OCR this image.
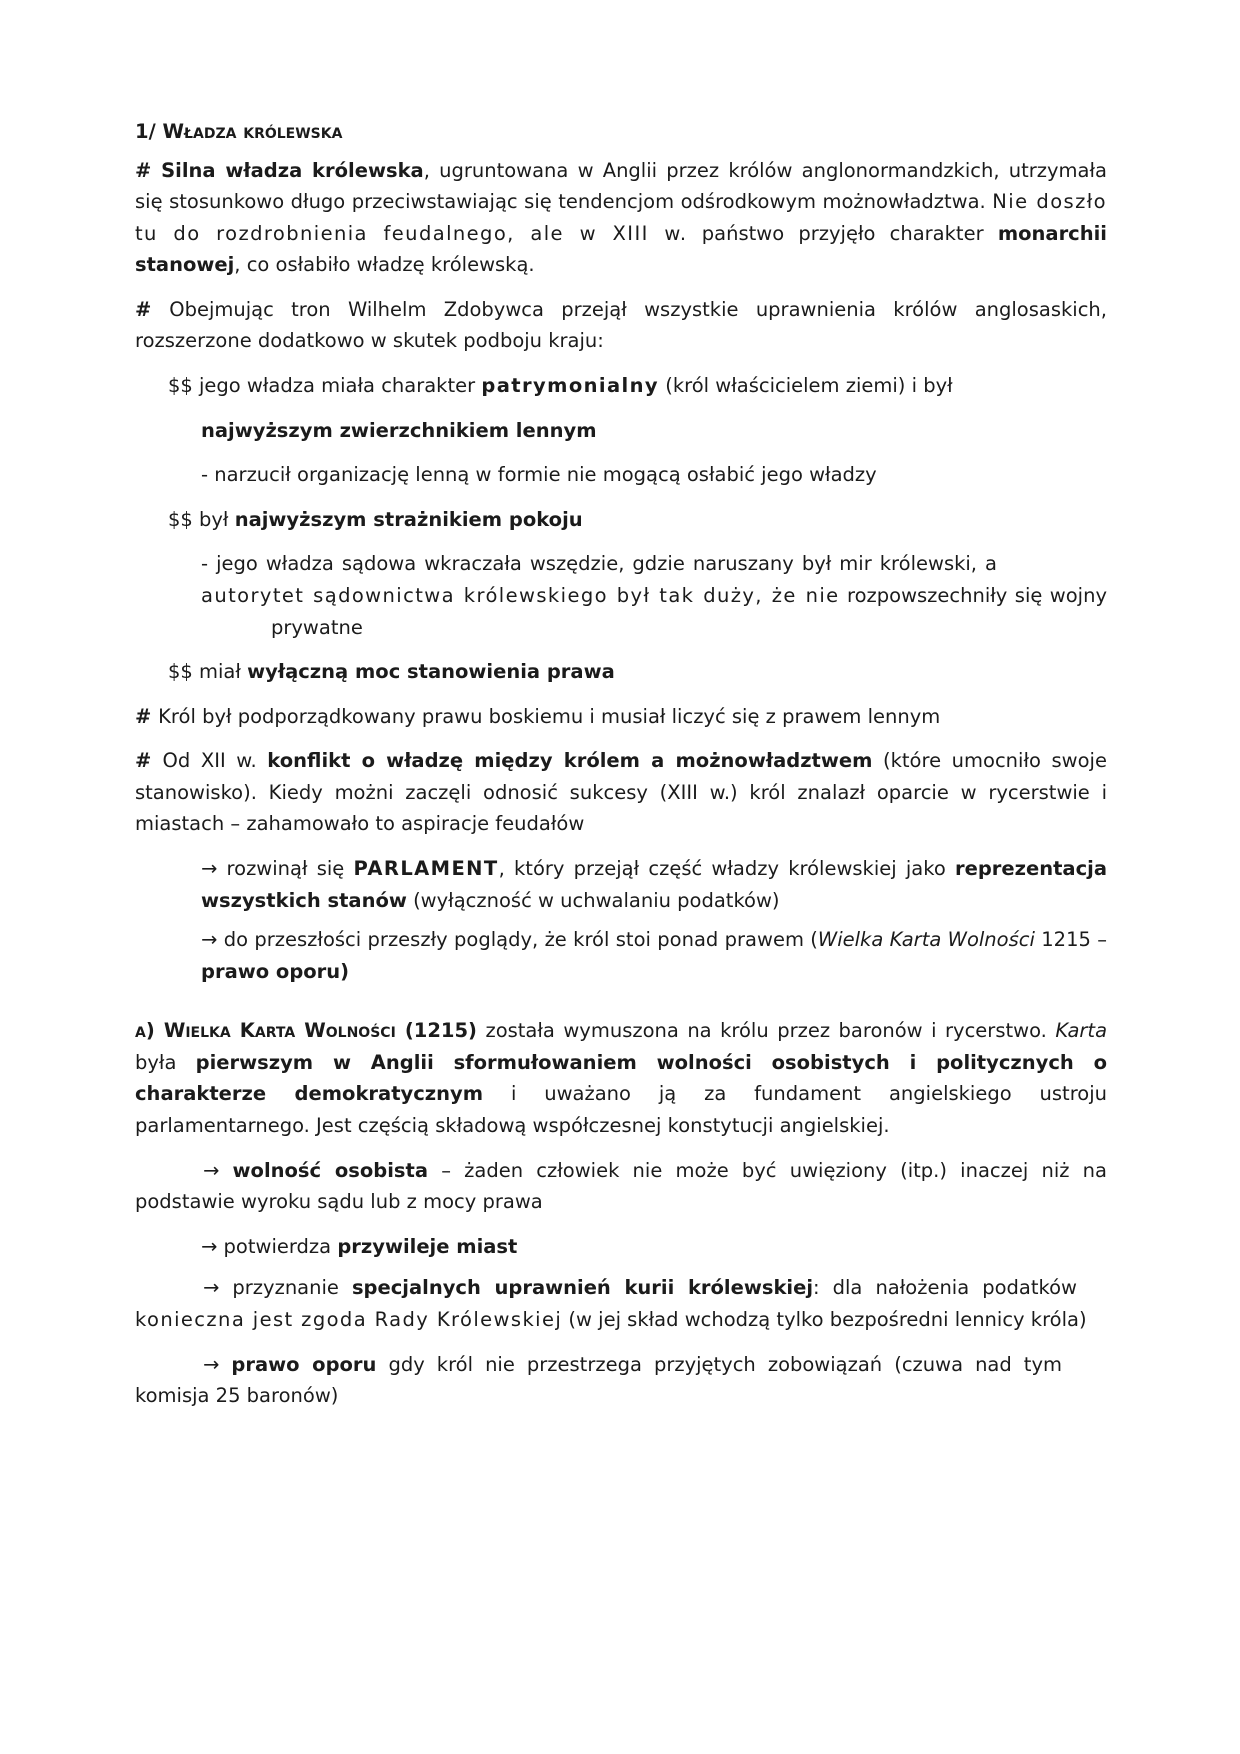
1/ Władza królewska
# Silna władza królewska, ugruntowana w Anglii przez królów anglonormandzkich, utrzymała się stosunkowo długo przeciwstawiając się tendencjom odśrodkowym możnowładztwa. Nie doszło tu do rozdrobnienia feudalnego, ale w XIII w. państwo przyjęło charakter monarchii stanowej, co osłabiło władzę królewską.
# Obejmując tron Wilhelm Zdobywca przejął wszystkie uprawnienia królów anglosaskich, rozszerzone dodatkowo w skutek podboju kraju:
$$ jego władza miała charakter patrymonialny (król właścicielem ziemi) i był
najwyższym zwierzchnikiem lennym
- narzucił organizację lenną w formie nie mogącą osłabić jego władzy
$$ był najwyższym strażnikiem pokoju
- jego władza sądowa wkraczała wszędzie, gdzie naruszany był mir królewski, aautorytet sądownictwa królewskiego był tak duży, że nie rozpowszechniły się wojnyprywatne
$$ miał wyłączną moc stanowienia prawa
# Król był podporządkowany prawu boskiemu i musiał liczyć się z prawem lennym
# Od XII w. konflikt o władzę między królem a możnowładztwem (które umocniło swoje stanowisko). Kiedy możni zaczęli odnosić sukcesy (XIII w.) król znalazł oparcie w rycerstwie i miastach – zahamowało to aspiracje feudałów
→ rozwinął się PARLAMENT, który przejął część władzy królewskiej jako reprezentacja wszystkich stanów (wyłączność w uchwalaniu podatków)
→ do przeszłości przeszły poglądy, że król stoi ponad prawem (Wielka Karta Wolności 1215 – prawo oporu)
a) Wielka Karta Wolności (1215) została wymuszona na królu przez baronów i rycerstwo. Karta była pierwszym w Anglii sformułowaniem wolności osobistych i politycznych o charakterze demokratycznym i uważano ją za fundament angielskiego ustroju parlamentarnego. Jest częścią składową współczesnej konstytucji angielskiej.
→ wolność osobista – żaden człowiek nie może być uwięziony (itp.) inaczej niż na podstawie wyroku sądu lub z mocy prawa
→ potwierdza przywileje miast
→ przyznanie specjalnych uprawnień kurii królewskiej: dla nałożenia podatkówkonieczna jest zgoda Rady Królewskiej (w jej skład wchodzą tylko bezpośredni lennicy króla)
→ prawo oporu gdy król nie przestrzega przyjętych zobowiązań (czuwa nad tymkomisja 25 baronów)
